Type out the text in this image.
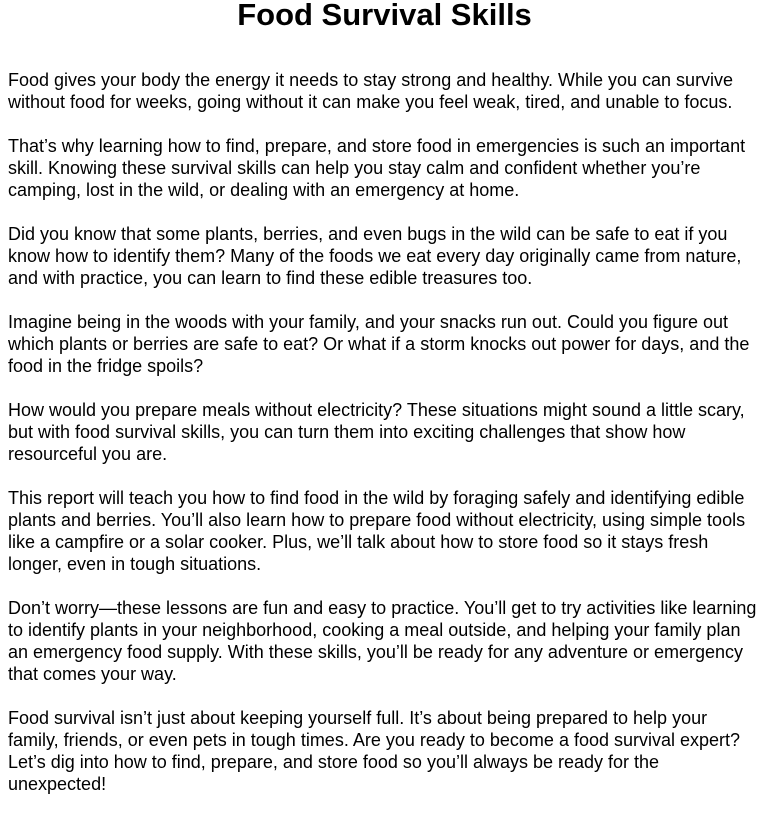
Food Survival Skills

Food gives your body the energy it needs to stay strong and healthy. While you can survive without food for weeks, going without it can make you feel weak, tired, and unable to focus.

That’s why learning how to find, prepare, and store food in emergencies is such an important skill. Knowing these survival skills can help you stay calm and confident whether you’re camping, lost in the wild, or dealing with an emergency at home.

Did you know that some plants, berries, and even bugs in the wild can be safe to eat if you know how to identify them? Many of the foods we eat every day originally came from nature, and with practice, you can learn to find these edible treasures too.

Imagine being in the woods with your family, and your snacks run out. Could you figure out which plants or berries are safe to eat? Or what if a storm knocks out power for days, and the food in the fridge spoils?

How would you prepare meals without electricity? These situations might sound a little scary, but with food survival skills, you can turn them into exciting challenges that show how resourceful you are.

This report will teach you how to find food in the wild by foraging safely and identifying edible plants and berries. You’ll also learn how to prepare food without electricity, using simple tools like a campfire or a solar cooker. Plus, we’ll talk about how to store food so it stays fresh longer, even in tough situations.

Don’t worry—these lessons are fun and easy to practice. You’ll get to try activities like learning to identify plants in your neighborhood, cooking a meal outside, and helping your family plan an emergency food supply. With these skills, you’ll be ready for any adventure or emergency that comes your way.

Food survival isn’t just about keeping yourself full. It’s about being prepared to help your family, friends, or even pets in tough times. Are you ready to become a food survival expert? Let’s dig into how to find, prepare, and store food so you’ll always be ready for the unexpected!
